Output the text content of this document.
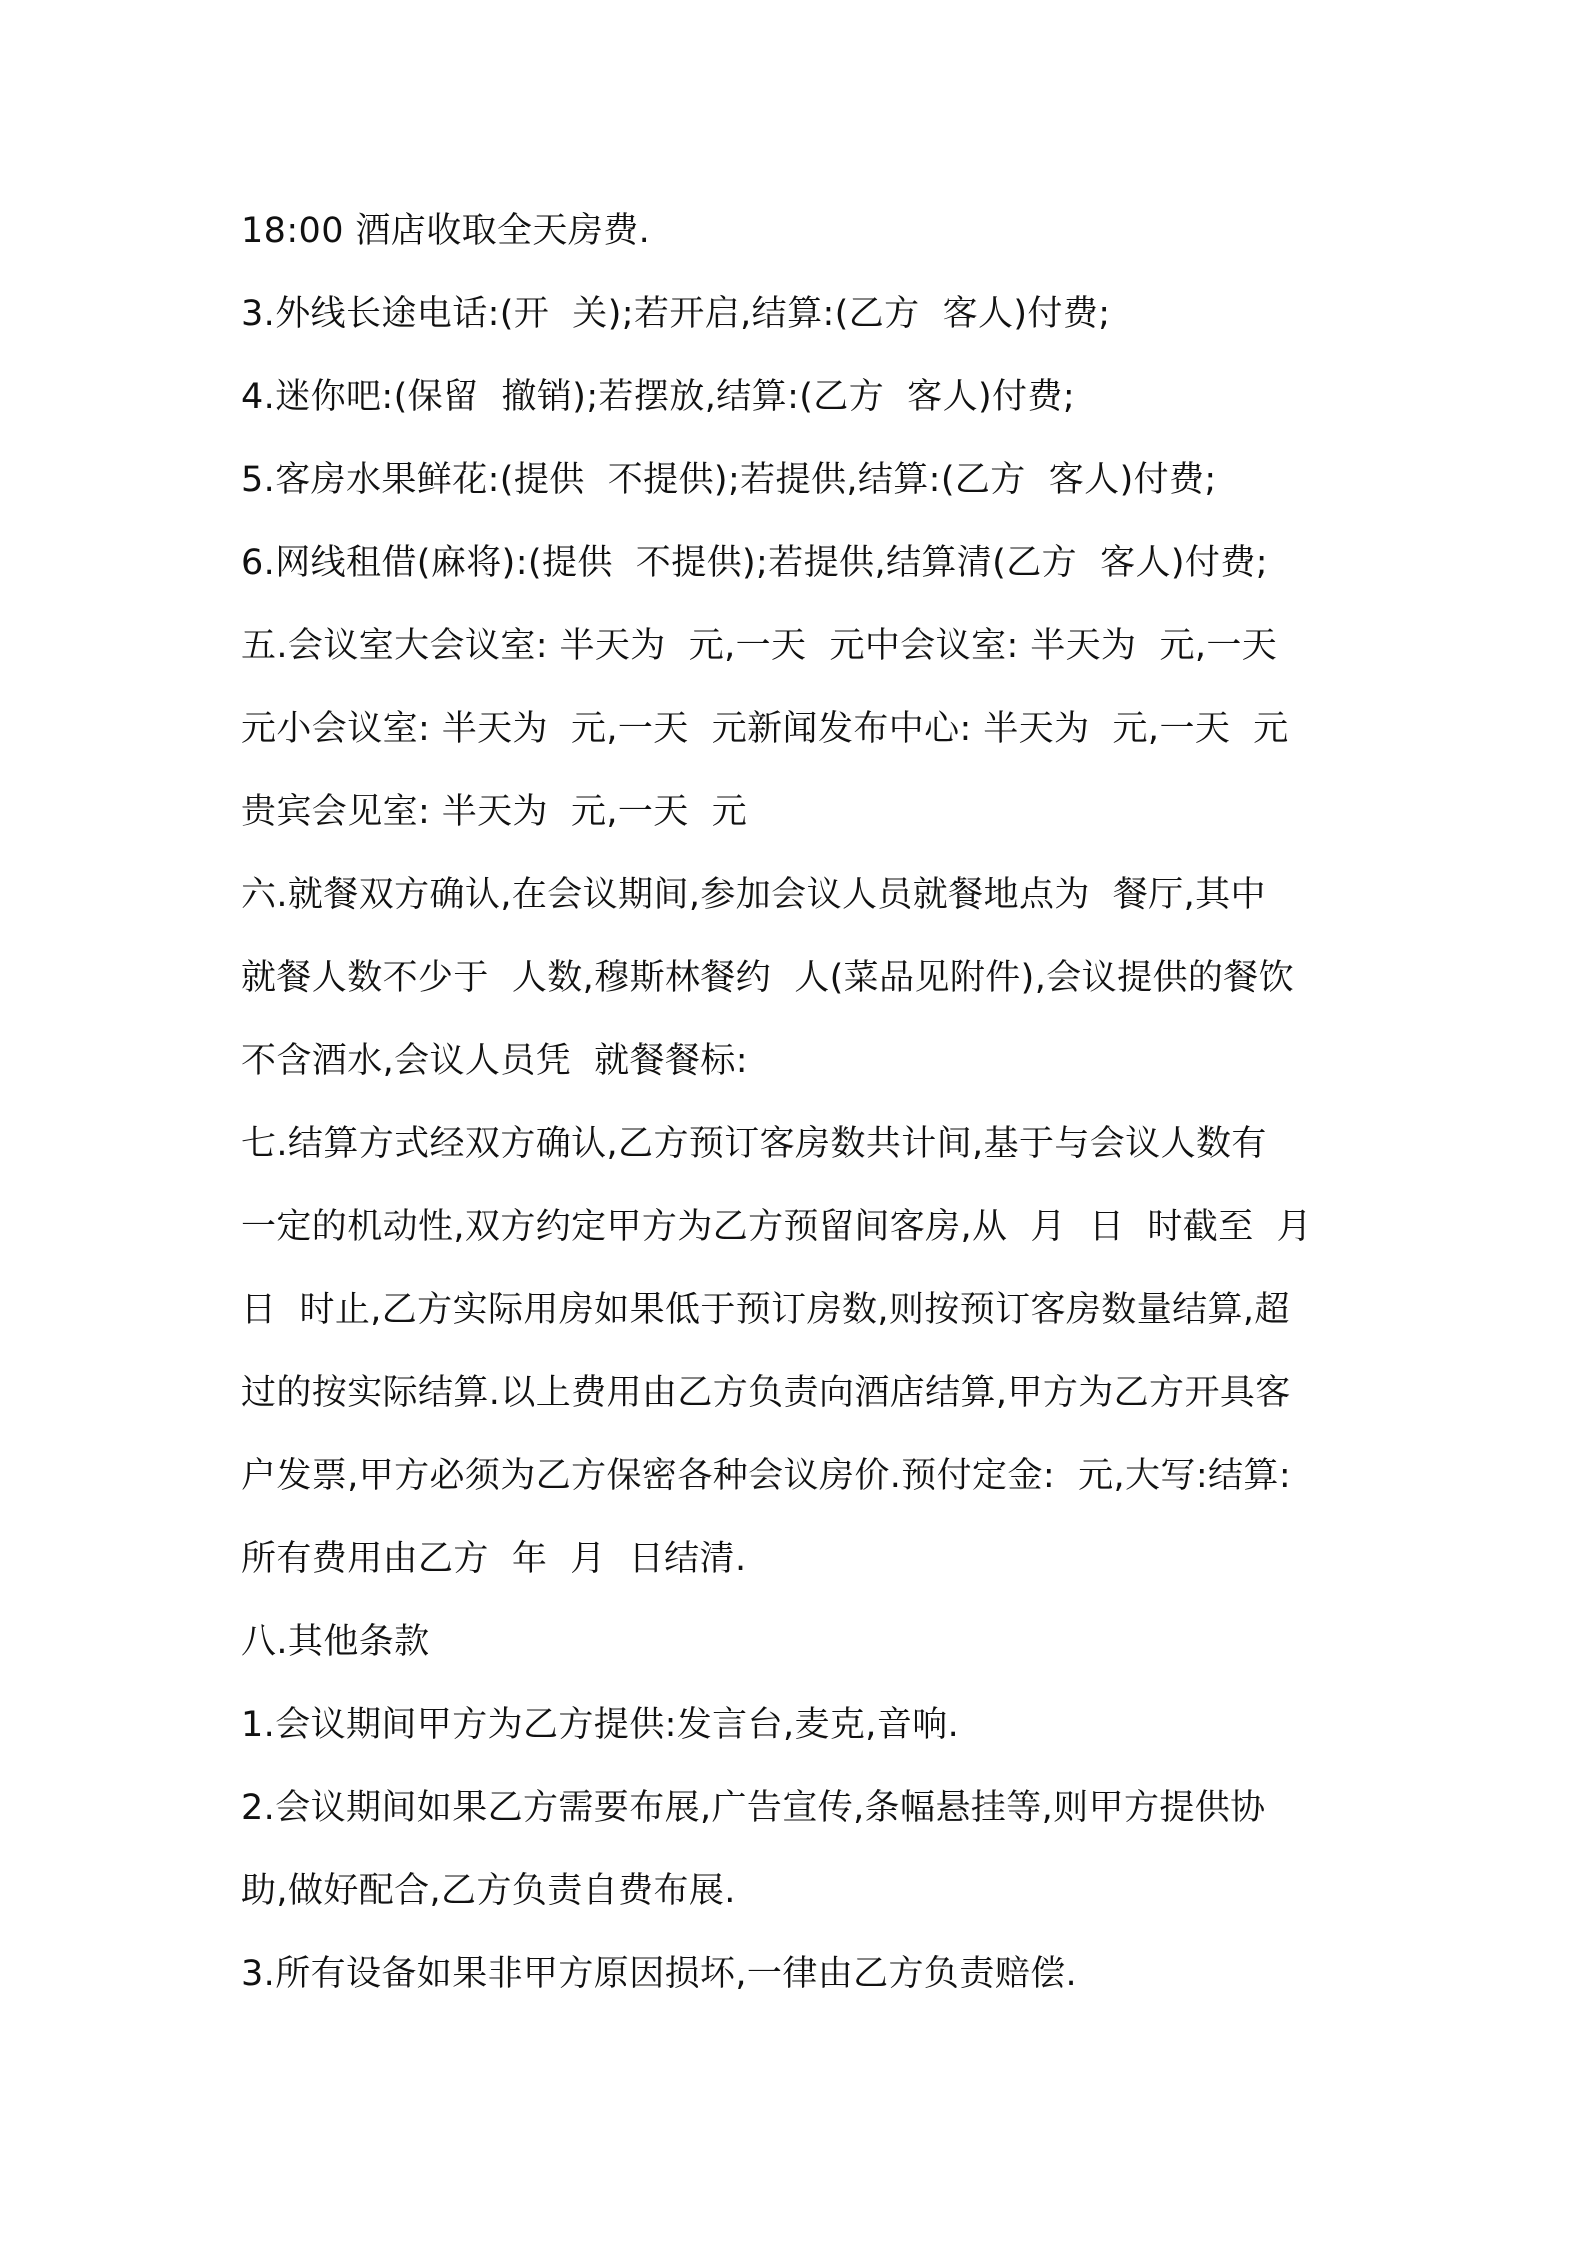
18:00 酒店收取全天房费.
3.外线长途电话:(开  关);若开启,结算:(乙方  客人)付费;
4.迷你吧:(保留  撤销);若摆放,结算:(乙方  客人)付费;
5.客房水果鲜花:(提供  不提供);若提供,结算:(乙方  客人)付费;
6.网线租借(麻将):(提供  不提供);若提供,结算清(乙方  客人)付费;
五.会议室大会议室: 半天为  元,一天  元中会议室: 半天为  元,一天
元小会议室: 半天为  元,一天  元新闻发布中心: 半天为  元,一天  元
贵宾会见室: 半天为  元,一天  元
六.就餐双方确认,在会议期间,参加会议人员就餐地点为  餐厅,其中
就餐人数不少于  人数,穆斯林餐约  人(菜品见附件),会议提供的餐饮
不含酒水,会议人员凭  就餐餐标:
七.结算方式经双方确认,乙方预订客房数共计间,基于与会议人数有
一定的机动性,双方约定甲方为乙方预留间客房,从  月  日  时截至  月
日  时止,乙方实际用房如果低于预订房数,则按预订客房数量结算,超
过的按实际结算.以上费用由乙方负责向酒店结算,甲方为乙方开具客
户发票,甲方必须为乙方保密各种会议房价.预付定金:  元,大写:结算:
所有费用由乙方  年  月  日结清.
八.其他条款
1.会议期间甲方为乙方提供:发言台,麦克,音响.
2.会议期间如果乙方需要布展,广告宣传,条幅悬挂等,则甲方提供协
助,做好配合,乙方负责自费布展.
3.所有设备如果非甲方原因损坏,一律由乙方负责赔偿.
